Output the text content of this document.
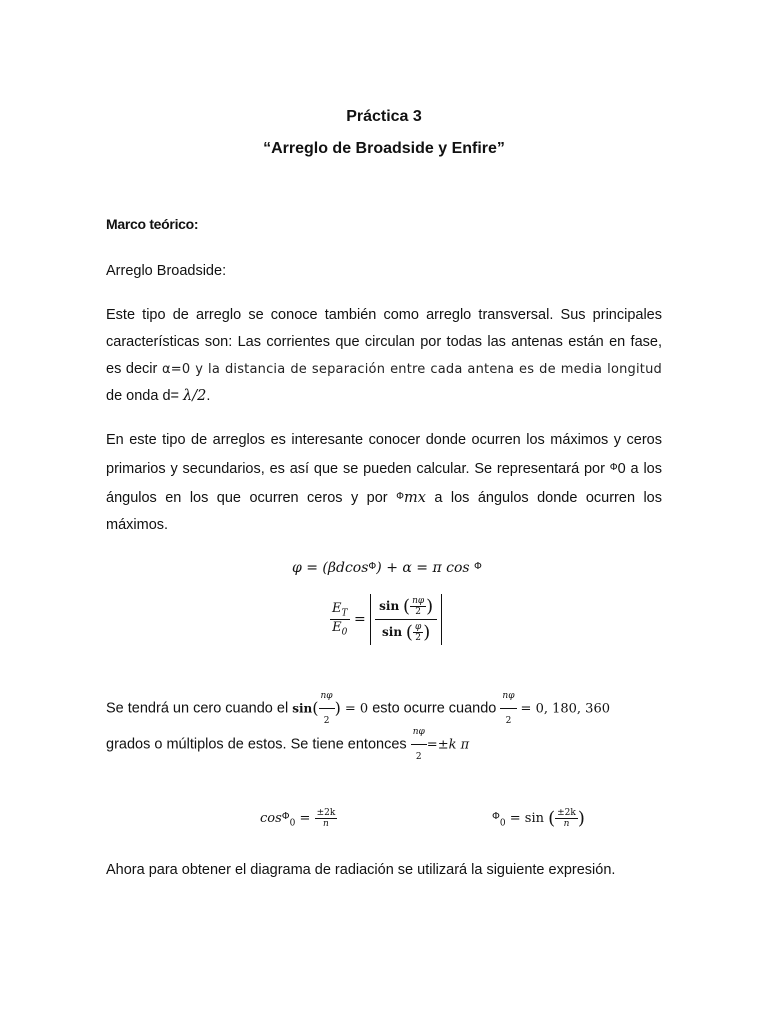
Práctica 3
“Arreglo de Broadside y Enfire”
Marco teórico:
Arreglo Broadside:
Este tipo de arreglo se conoce también como arreglo transversal. Sus principales características son: Las corrientes que circulan por todas las antenas están en fase, es decir α=0 y la distancia de separación entre cada antena es de media longitud de onda d= λ/2.
En este tipo de arreglos es interesante conocer donde ocurren los máximos y ceros primarios y secundarios, es así que se pueden calcular. Se representará por $^\Phi$0 a los ángulos en los que ocurren ceros y por $^\Phi$mx a los ángulos donde ocurren los máximos.
φ = (βdcos$^\Phi$) + α = π cos $^\Phi$
$\frac{E_T}{E_0} = \frac{\sin ( \frac{n\varphi}{2} )}{\sin ( \frac{\varphi}{2} )}$
Se tendrá un cero cuando el $\sin( \frac{n\varphi}{2}$ ) = 0 esto ocurre cuando $\frac{n\varphi}{2} = 0$, 180, 360
grados o múltiplos de estos. Se tiene entonces $\frac{n\varphi}{2} =\pm k$ π
$\cos^\Phi_0 = \frac{\pm 2k}{n}$	$^\Phi_0$ = sin ( $\frac{\pm 2k}{n}$ )
Ahora para obtener el diagrama de radiación se utilizará la siguiente expresión.
